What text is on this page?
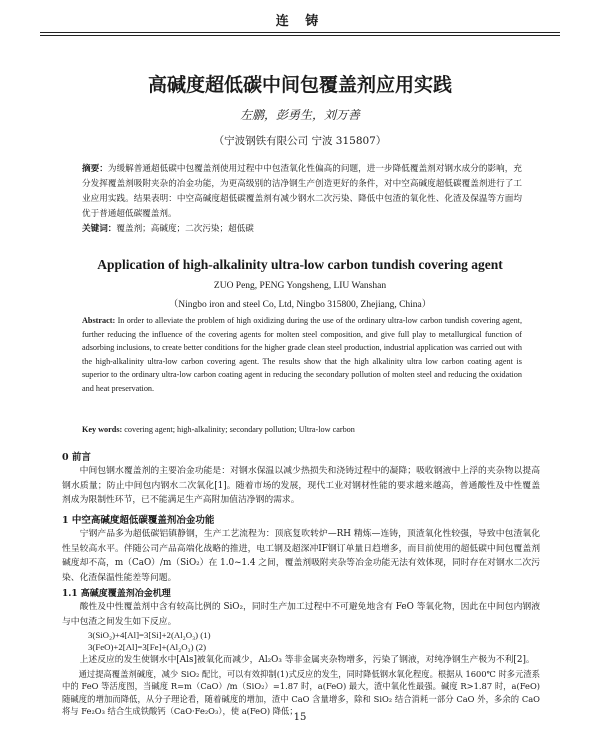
连 铸
高碱度超低碳中间包覆盖剂应用实践
左鹏，彭勇生，刘万善
（宁波钢铁有限公司 宁波 315807）
摘要：为缓解普通超低碳中包覆盖剂使用过程中中包渣氧化性偏高的问题，进一步降低覆盖剂对钢水成分的影响，充分发挥覆盖剂吸附夹杂的冶金功能，为更高级别的洁净钢生产创造更好的条件，对中空高碱度超低碳覆盖剂进行了工业应用实践。结果表明：中空高碱度超低碳覆盖剂有减少钢水二次污染、降低中包渣的氧化性、化渣及保温等方面均优于普通超低碳覆盖剂。
关键词：覆盖剂；高碱度；二次污染；超低碳
Application of high-alkalinity ultra-low carbon tundish covering agent
ZUO Peng, PENG Yongsheng, LIU Wanshan
（Ningbo iron and steel Co, Ltd, Ningbo 315800, Zhejiang, China）
Abstract: In order to alleviate the problem of high oxidizing during the use of the ordinary ultra-low carbon tundish covering agent, further reducing the influence of the covering agents for molten steel composition, and give full play to metallurgical function of adsorbing inclusions, to create better conditions for the higher grade clean steel production, industrial application was carried out with the high-alkalinity ultra-low carbon covering agent. The results show that the high alkalinity ultra low carbon coating agent is superior to the ordinary ultra-low carbon coating agent in reducing the secondary pollution of molten steel and reducing the oxidation and heat preservation.
Key words: covering agent; high-alkalinity; secondary pollution; Ultra-low carbon
0 前言
中间包钢水覆盖剂的主要冶金功能是：对钢水保温以减少热损失和浇铸过程中的凝降；吸收钢液中上浮的夹杂物以提高钢水质量；防止中间包内钢水二次氧化[1]。随着市场的发展，现代工业对钢材性能的要求越来越高，普通酸性及中性覆盖剂成为限制性环节，已不能满足生产高附加值洁净钢的需求。
1 中空高碱度超低碳覆盖剂冶金功能
宁钢产品多为超低碳铝镇静钢，生产工艺流程为：顶底复吹转炉—RH 精炼—连铸，顶渣氧化性较强，导致中包渣氧化性呈较高水平。伴随公司产品高端化战略的推进，电工钢及超深冲IF钢订单量日趋增多，而目前使用的超低碳中间包覆盖剂碱度却不高，m（CaO）/m（SiO₂）在 1.0~1.4 之间，覆盖剂吸附夹杂等冶金功能无法有效体现，同时存在对钢水二次污染、化渣保温性能差等问题。
1.1 高碱度覆盖剂冶金机理
酸性及中性覆盖剂中含有较高比例的 SiO₂，同时生产加工过程中不可避免地含有 FeO 等氧化物，因此在中间包内钢液与中包渣之间发生如下反应。
3(SiO₂)+4[Al]=3[Si]+2(Al₂O₃) (1)
3(FeO)+2[Al]=3[Fe]+(Al₂O₃) (2)
上述反应的发生使钢水中[Als]被氧化而减少，Al₂O₃ 等非金属夹杂物增多，污染了钢液，对纯净钢生产极为不利[2]。
通过提高覆盖剂碱度，减少 SiO₂ 配比，可以有效抑制(1)式反应的发生，同时降低钢水氧化程度。根据从 1600℃ 时多元渣系中的 FeO 等活度图，当碱度 R=m（CaO）/m（SiO₂）=1.87 时，a(FeO) 最大，渣中氧化性最强。碱度 R>1.87 时，a(FeO) 随碱度的增加而降低，从分子理论看，随着碱度的增加，渣中 CaO 含量增多，除和 SiO₂ 结合消耗一部分 CaO 外，多余的 CaO 将与 Fe₂O₃ 结合生成铁酸钙（CaO·Fe₂O₃），使 a(FeO) 降低；
15
